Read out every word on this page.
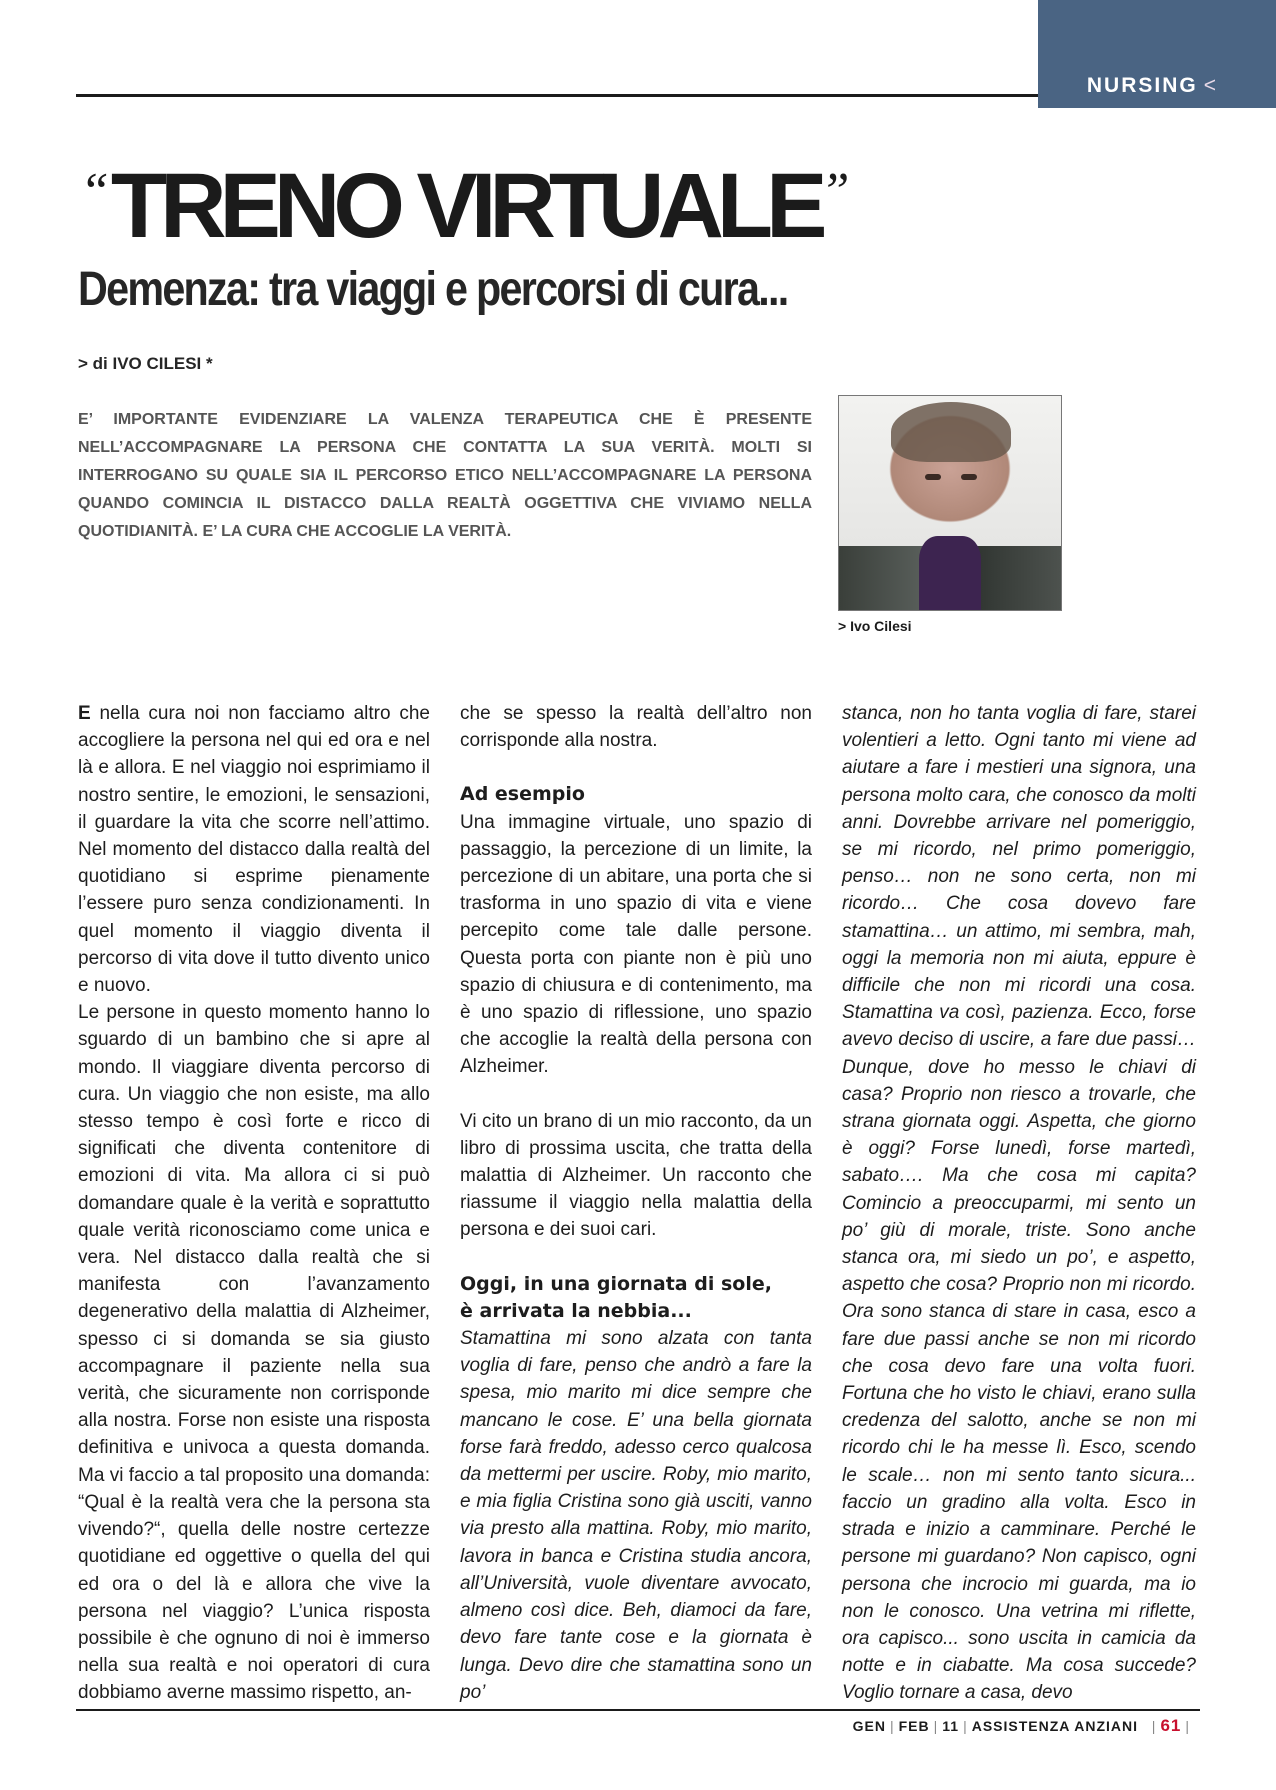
NURSING <
“TRENO VIRTUALE”
Demenza: tra viaggi e percorsi di cura...
> di IVO CILESI *
E’ IMPORTANTE EVIDENZIARE LA VALENZA TERAPEUTICA CHE È PRESENTE NELL’ACCOMPAGNARE LA PERSONA CHE CONTATTA LA SUA VERITÀ. MOLTI SI INTERROGANO SU QUALE SIA IL PERCORSO ETICO NELL’ACCOMPAGNARE LA PERSONA QUANDO COMINCIA IL DISTACCO DALLA REALTÀ OGGETTIVA CHE VIVIAMO NELLA QUOTIDIANITÀ. E’ LA CURA CHE ACCOGLIE LA VERITÀ.
> Ivo Cilesi

E nella cura noi non facciamo altro che accogliere la persona nel qui ed ora e nel là e allora. E nel viaggio noi esprimiamo il nostro sentire, le emozioni, le sensazioni, il guardare la vita che scorre nell’attimo. Nel momento del distacco dalla realtà del quotidiano si esprime pienamente l’essere puro senza condizionamenti. In quel momento il viaggio diventa il percorso di vita dove il tutto divento unico e nuovo.

Le persone in questo momento hanno lo sguardo di un bambino che si apre al mondo. Il viaggiare diventa percorso di cura. Un viaggio che non esiste, ma allo stesso tempo è così forte e ricco di significati che diventa contenitore di emozioni di vita. Ma allora ci si può domandare quale è la verità e soprattutto quale verità riconosciamo come unica e vera. Nel distacco dalla realtà che si manifesta con l’avanzamento degenerativo della malattia di Alzheimer, spesso ci si domanda se sia giusto accompagnare il paziente nella sua verità, che sicuramente non corrisponde alla nostra. Forse non esiste una risposta definitiva e univoca a questa domanda. Ma vi faccio a tal proposito una domanda: “Qual è la realtà vera che la persona sta vivendo?“, quella delle nostre certezze quotidiane ed oggettive o quella del qui ed ora o del là e allora che vive la persona nel viaggio? L’unica risposta possibile è che ognuno di noi è immerso nella sua realtà e noi operatori di cura dobbiamo averne massimo rispetto, an-

che se spesso la realtà dell’altro non corrisponde alla nostra.

Ad esempio

Una immagine virtuale, uno spazio di passaggio, la percezione di un limite, la percezione di un abitare, una porta che si trasforma in uno spazio di vita e viene percepito come tale dalle persone. Questa porta con piante non è più uno spazio di chiusura e di contenimento, ma è uno spazio di riflessione, uno spazio che accoglie la realtà della persona con Alzheimer.

Vi cito un brano di un mio racconto, da un libro di prossima uscita, che tratta della malattia di Alzheimer. Un racconto che riassume il viaggio nella malattia della persona e dei suoi cari.

Oggi, in una giornata di sole,

è arrivata la nebbia...

Stamattina mi sono alzata con tanta voglia di fare, penso che andrò a fare la spesa, mio marito mi dice sempre che mancano le cose. E’ una bella giornata forse farà freddo, adesso cerco qualcosa da mettermi per uscire. Roby, mio marito, e mia figlia Cristina sono già usciti, vanno via presto alla mattina. Roby, mio marito, lavora in banca e Cristina studia ancora, all’Università, vuole diventare avvocato, almeno così dice. Beh, diamoci da fare, devo fare tante cose e la giornata è lunga. Devo dire che stamattina sono un po’

stanca, non ho tanta voglia di fare, starei volentieri a letto. Ogni tanto mi viene ad aiutare a fare i mestieri una signora, una persona molto cara, che conosco da molti anni. Dovrebbe arrivare nel pomeriggio, se mi ricordo, nel primo pomeriggio, penso… non ne sono certa, non mi ricordo… Che cosa dovevo fare stamattina… un attimo, mi sembra, mah, oggi la memoria non mi aiuta, eppure è difficile che non mi ricordi una cosa. Stamattina va così, pazienza. Ecco, forse avevo deciso di uscire, a fare due passi… Dunque, dove ho messo le chiavi di casa? Proprio non riesco a trovarle, che strana giornata oggi. Aspetta, che giorno è oggi? Forse lunedì, forse martedì, sabato…. Ma che cosa mi capita? Comincio a preoccuparmi, mi sento un po’ giù di morale, triste. Sono anche stanca ora, mi siedo un po’, e aspetto, aspetto che cosa? Proprio non mi ricordo. Ora sono stanca di stare in casa, esco a fare due passi anche se non mi ricordo che cosa devo fare una volta fuori. Fortuna che ho visto le chiavi, erano sulla credenza del salotto, anche se non mi ricordo chi le ha messe lì. Esco, scendo le scale… non mi sento tanto sicura... faccio un gradino alla volta. Esco in strada e inizio a camminare. Perché le persone mi guardano? Non capisco, ogni persona che incrocio mi guarda, ma io non le conosco. Una vetrina mi riflette, ora capisco... sono uscita in camicia da notte e in ciabatte. Ma cosa succede? Voglio tornare a casa, devo

GEN | FEB | 11 | ASSISTENZA ANZIANI  | 61 |
